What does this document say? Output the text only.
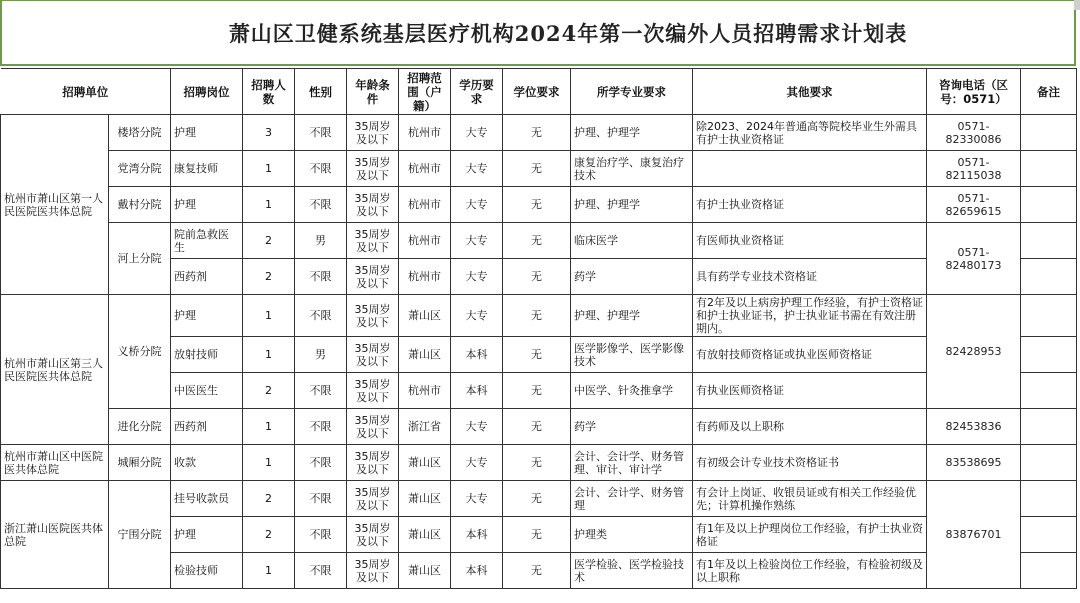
萧山区卫健系统基层医疗机构2024年第一次编外人员招聘需求计划表
招聘单位		招聘岗位	招聘人数	性别	年龄条件	招聘范围（户籍）	学历要求	学位要求	所学专业要求	其他要求	咨询电话（区号：0571）	备注
杭州市萧山区第一人民医院医共体总院	楼塔分院	护理	3	不限	35周岁及以下	杭州市	大专	无	护理、护理学	除2023、2024年普通高等院校毕业生外需具有护士执业资格证	0571-82330086	
	党湾分院	康复技师	1	不限	35周岁及以下	杭州市	大专	无	康复治疗学、康复治疗技术		0571-82115038	
	戴村分院	护理	1	不限	35周岁及以下	杭州市	大专	无	护理、护理学	有护士执业资格证	0571-82659615	
	河上分院	院前急救医生	2	男	35周岁及以下	杭州市	大专	无	临床医学	有医师执业资格证	0571-82480173	
		西药剂	2	不限	35周岁及以下	杭州市	大专	无	药学	具有药学专业技术资格证		
杭州市萧山区第三人民医院医共体总院	义桥分院	护理	1	不限	35周岁及以下	萧山区	大专	无	护理、护理学	有2年及以上病房护理工作经验，有护士资格证和护士执业证书，护士执业证书需在有效注册期内。	82428953	
		放射技师	1	男	35周岁及以下	萧山区	本科	无	医学影像学、医学影像技术	有放射技师资格证或执业医师资格证		
		中医医生	2	不限	35周岁及以下	杭州市	本科	无	中医学、针灸推拿学	有执业医师资格证		
	进化分院	西药剂	1	不限	35周岁及以下	浙江省	大专	无	药学	有药师及以上职称	82453836	
杭州市萧山区中医院医共体总院	城厢分院	收款	1	不限	35周岁及以下	萧山区	大专	无	会计、会计学、财务管理、审计、审计学	有初级会计专业技术资格证书	83538695	
浙江萧山医院医共体总院	宁围分院	挂号收款员	2	不限	35周岁及以下	萧山区	大专	无	会计、会计学、财务管理	有会计上岗证、收银员证或有相关工作经验优先；计算机操作熟练	83876701	
		护理	2	不限	35周岁及以下	萧山区	本科	无	护理类	有1年及以上护理岗位工作经验，有护士执业资格证		
		检验技师	1	不限	35周岁及以下	萧山区	本科	无	医学检验、医学检验技术	有1年及以上检验岗位工作经验，有检验初级及以上职称		
